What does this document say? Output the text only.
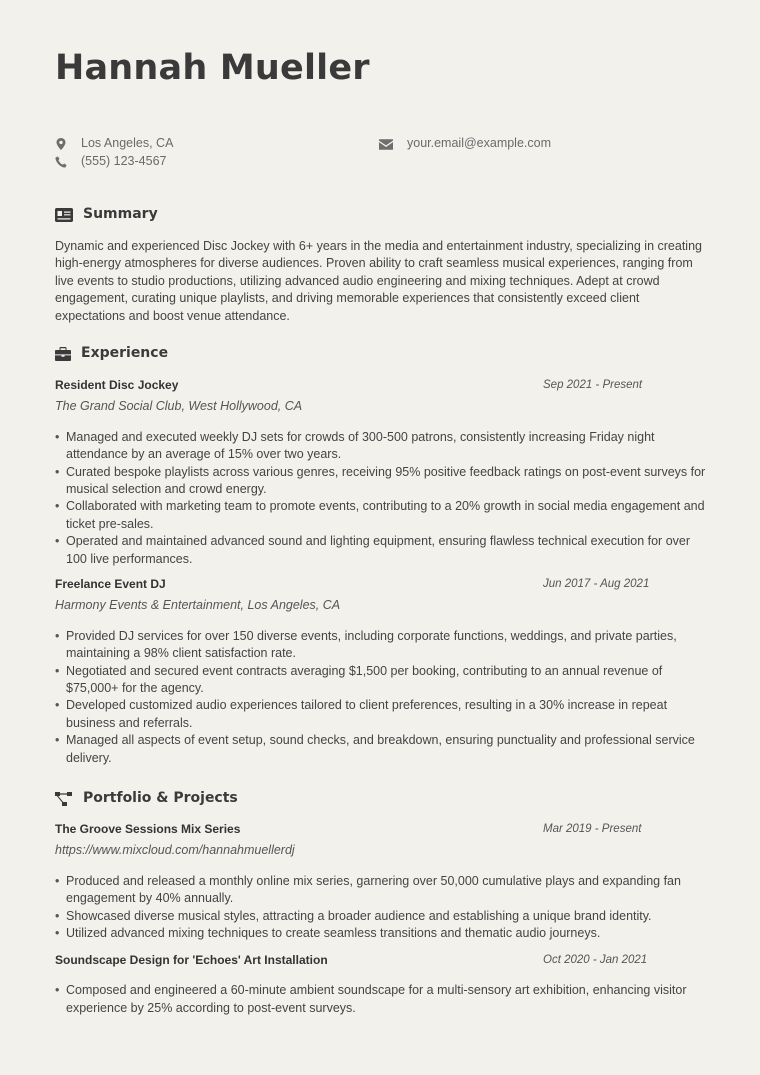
Hannah Mueller
Los Angeles, CA
(555) 123-4567
your.email@example.com
Summary

Dynamic and experienced Disc Jockey with 6+ years in the media and entertainment industry, specializing in creating high-energy atmospheres for diverse audiences. Proven ability to craft seamless musical experiences, ranging from live events to studio productions, utilizing advanced audio engineering and mixing techniques. Adept at crowd engagement, curating unique playlists, and driving memorable experiences that consistently exceed client expectations and boost venue attendance.

Experience
Resident Disc Jockey	Sep 2021 - Present
The Grand Social Club, West Hollywood, CA
• Managed and executed weekly DJ sets for crowds of 300-500 patrons, consistently increasing Friday night attendance by an average of 15% over two years.
• Curated bespoke playlists across various genres, receiving 95% positive feedback ratings on post-event surveys for musical selection and crowd energy.
• Collaborated with marketing team to promote events, contributing to a 20% growth in social media engagement and ticket pre-sales.
• Operated and maintained advanced sound and lighting equipment, ensuring flawless technical execution for over 100 live performances.
Freelance Event DJ	Jun 2017 - Aug 2021
Harmony Events & Entertainment, Los Angeles, CA
• Provided DJ services for over 150 diverse events, including corporate functions, weddings, and private parties, maintaining a 98% client satisfaction rate.
• Negotiated and secured event contracts averaging $1,500 per booking, contributing to an annual revenue of $75,000+ for the agency.
• Developed customized audio experiences tailored to client preferences, resulting in a 30% increase in repeat business and referrals.
• Managed all aspects of event setup, sound checks, and breakdown, ensuring punctuality and professional service delivery.
Portfolio & Projects
The Groove Sessions Mix Series	Mar 2019 - Present
https://www.mixcloud.com/hannahmuellerdj
• Produced and released a monthly online mix series, garnering over 50,000 cumulative plays and expanding fan engagement by 40% annually.
• Showcased diverse musical styles, attracting a broader audience and establishing a unique brand identity.
• Utilized advanced mixing techniques to create seamless transitions and thematic audio journeys.
Soundscape Design for 'Echoes' Art Installation	Oct 2020 - Jan 2021
• Composed and engineered a 60-minute ambient soundscape for a multi-sensory art exhibition, enhancing visitor experience by 25% according to post-event surveys.
